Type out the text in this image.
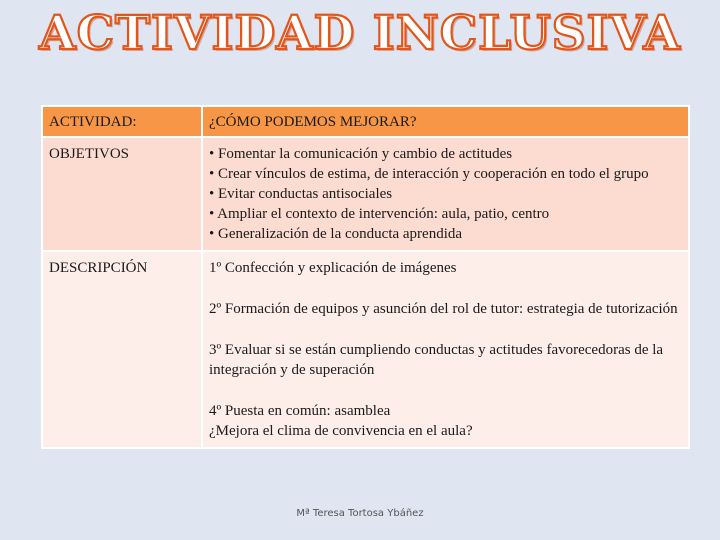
ACTIVIDAD INCLUSIVA
ACTIVIDAD:	¿CÓMO PODEMOS MEJORAR?
OBJETIVOS	• Fomentar la comunicación y cambio de actitudes
• Crear vínculos de estima, de interacción y cooperación en todo el grupo
• Evitar conductas antisociales
• Ampliar el contexto de intervención: aula, patio, centro
• Generalización de la conducta aprendida

DESCRIPCIÓN	1º Confección y explicación de imágenes

2º Formación de equipos y asunción del rol de tutor: estrategia de tutorización

3º Evaluar si se están cumpliendo conductas y actitudes favorecedoras de la integración y de superación

4º Puesta en común: asamblea
¿Mejora el clima de convivencia en el aula?

Mª Teresa Tortosa Ybáñez
